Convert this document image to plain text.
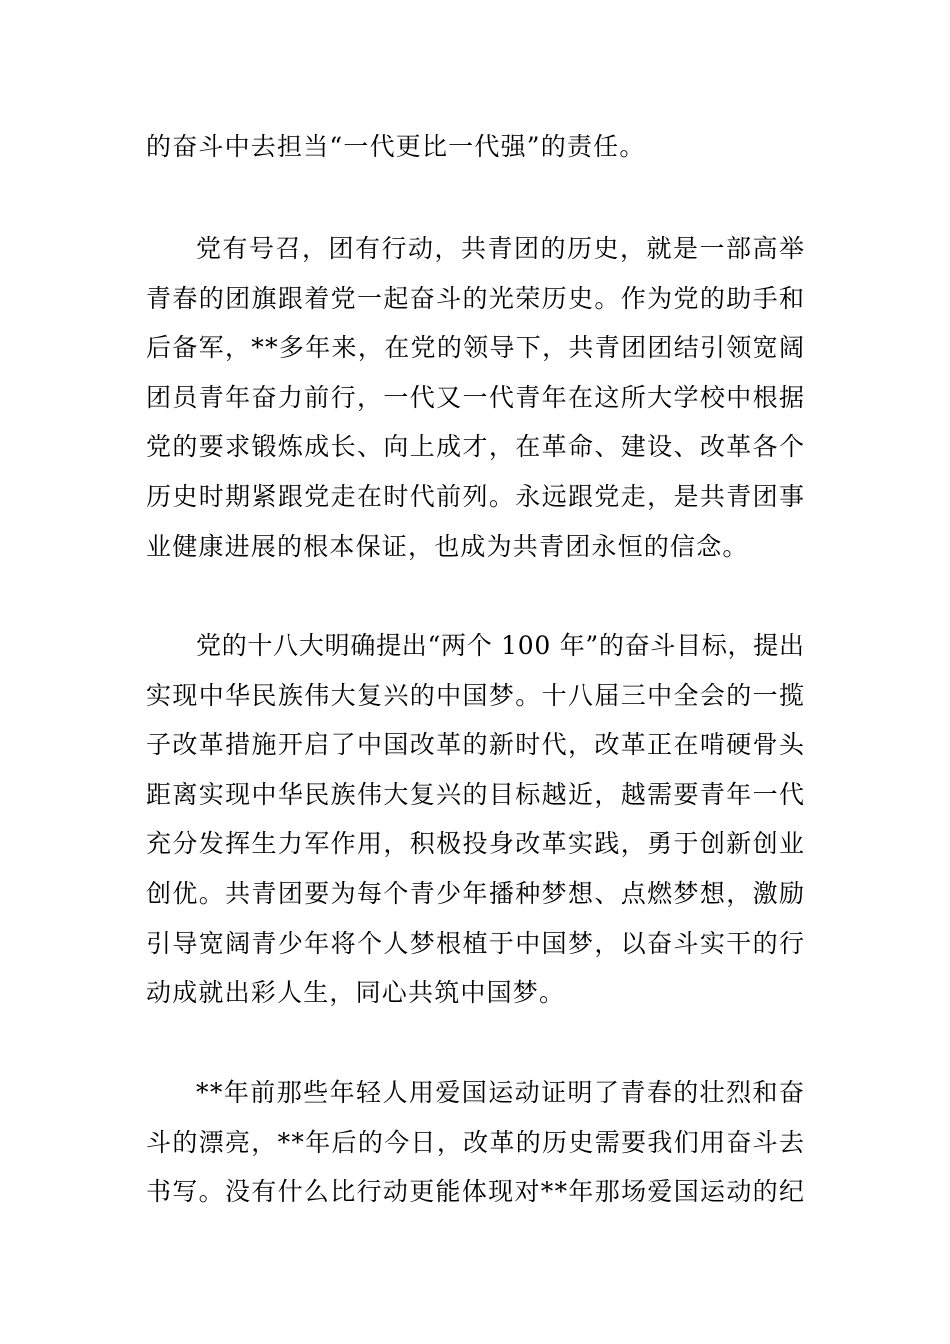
的奋斗中去担当“一代更比一代强”的责任。
党有号召，团有行动，共青团的历史，就是一部高举
青春的团旗跟着党一起奋斗的光荣历史。作为党的助手和
后备军，**多年来，在党的领导下，共青团团结引领宽阔
团员青年奋力前行，一代又一代青年在这所大学校中根据
党的要求锻炼成长、向上成才，在革命、建设、改革各个
历史时期紧跟党走在时代前列。永远跟党走，是共青团事
业健康进展的根本保证，也成为共青团永恒的信念。
党的十八大明确提出“两个 100 年”的奋斗目标，提出
实现中华民族伟大复兴的中国梦。十八届三中全会的一揽
子改革措施开启了中国改革的新时代，改革正在啃硬骨头
距离实现中华民族伟大复兴的目标越近，越需要青年一代
充分发挥生力军作用，积极投身改革实践，勇于创新创业
创优。共青团要为每个青少年播种梦想、点燃梦想，激励
引导宽阔青少年将个人梦根植于中国梦，以奋斗实干的行
动成就出彩人生，同心共筑中国梦。
**年前那些年轻人用爱国运动证明了青春的壮烈和奋
斗的漂亮，**年后的今日，改革的历史需要我们用奋斗去
书写。没有什么比行动更能体现对**年那场爱国运动的纪
